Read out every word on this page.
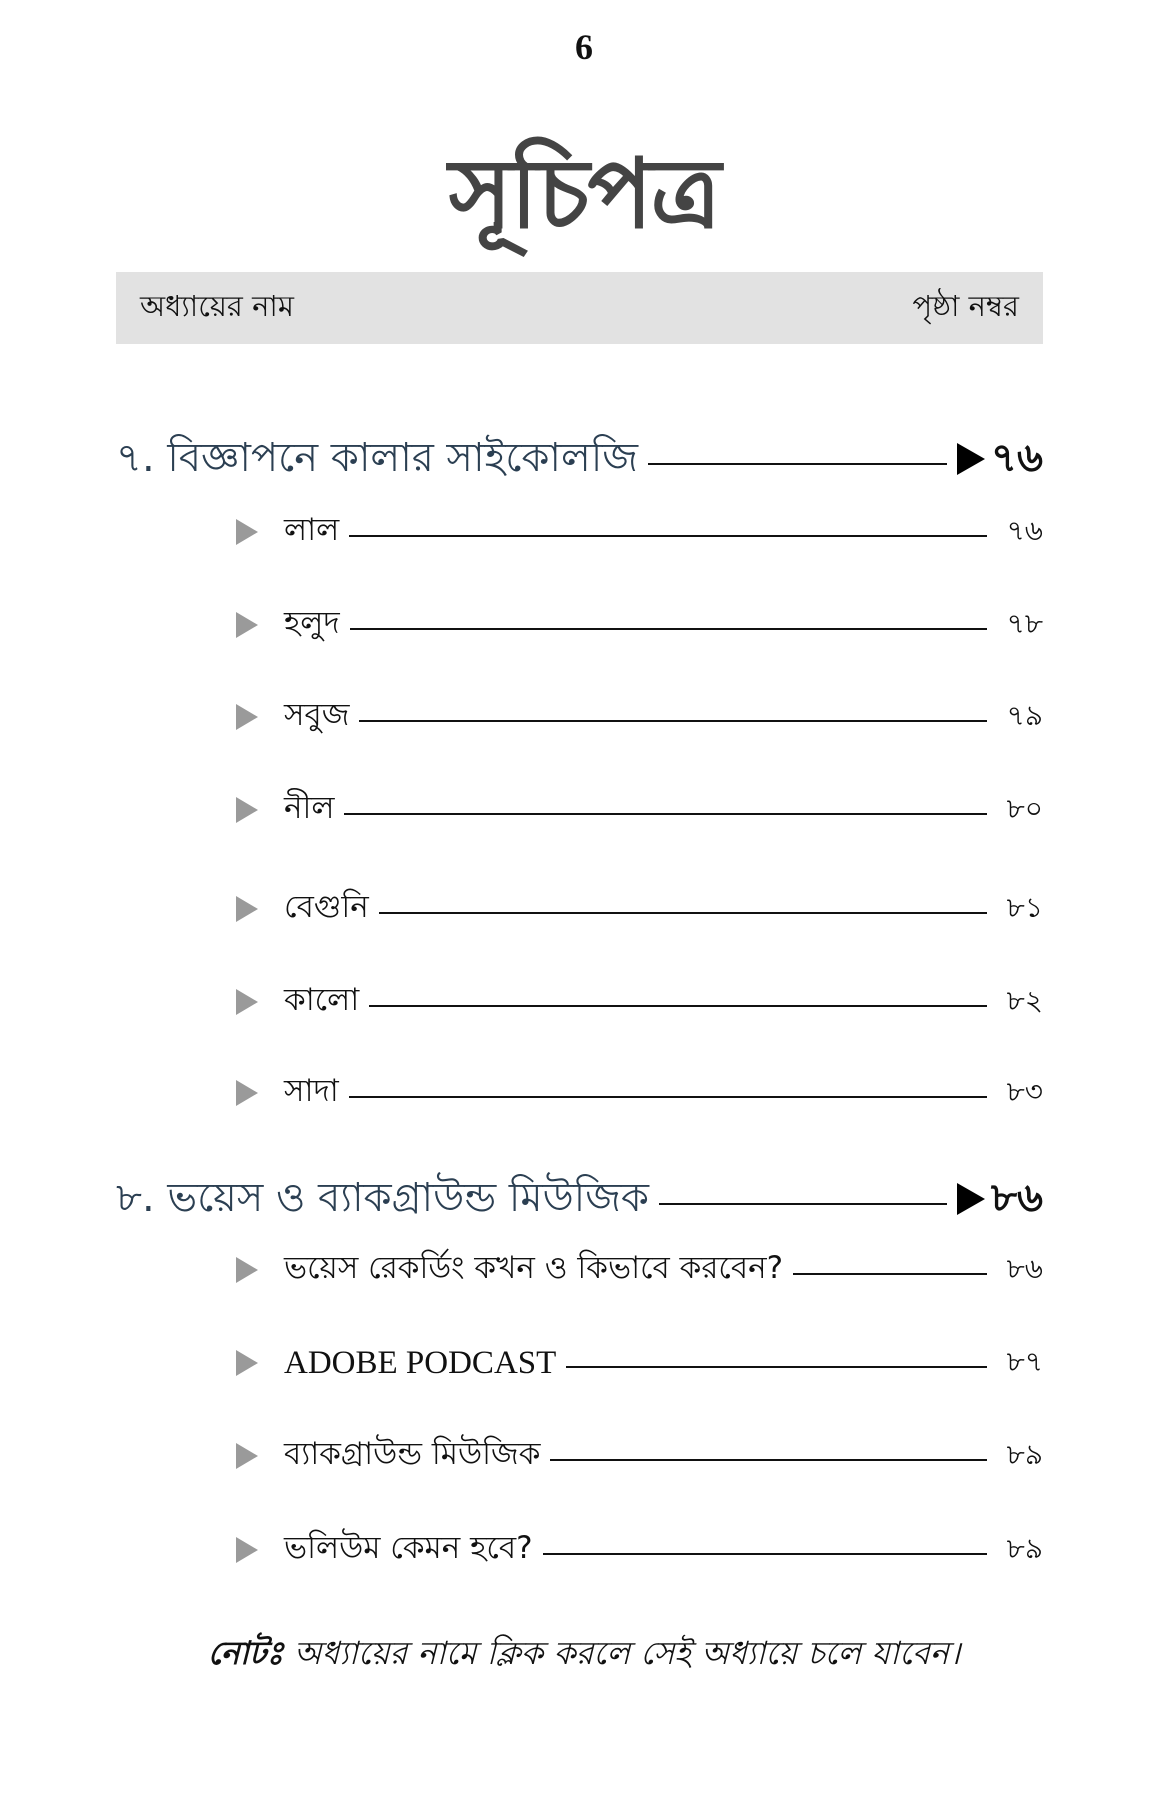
6
সূচিপত্র
অধ্যায়ের নাম	পৃষ্ঠা নম্বর
৭. বিজ্ঞাপনে কালার সাইকোলজি	৭৬
লাল	৭৬
হলুদ	৭৮
সবুজ	৭৯
নীল	৮০
বেগুনি	৮১
কালো	৮২
সাদা	৮৩
৮. ভয়েস ও ব্যাকগ্রাউন্ড মিউজিক	৮৬
ভয়েস রেকর্ডিং কখন ও কিভাবে করবেন?	৮৬
ADOBE PODCAST	৮৭
ব্যাকগ্রাউন্ড মিউজিক	৮৯
ভলিউম কেমন হবে?	৮৯
নোটঃ অধ্যায়ের নামে ক্লিক করলে সেই অধ্যায়ে চলে যাবেন।
